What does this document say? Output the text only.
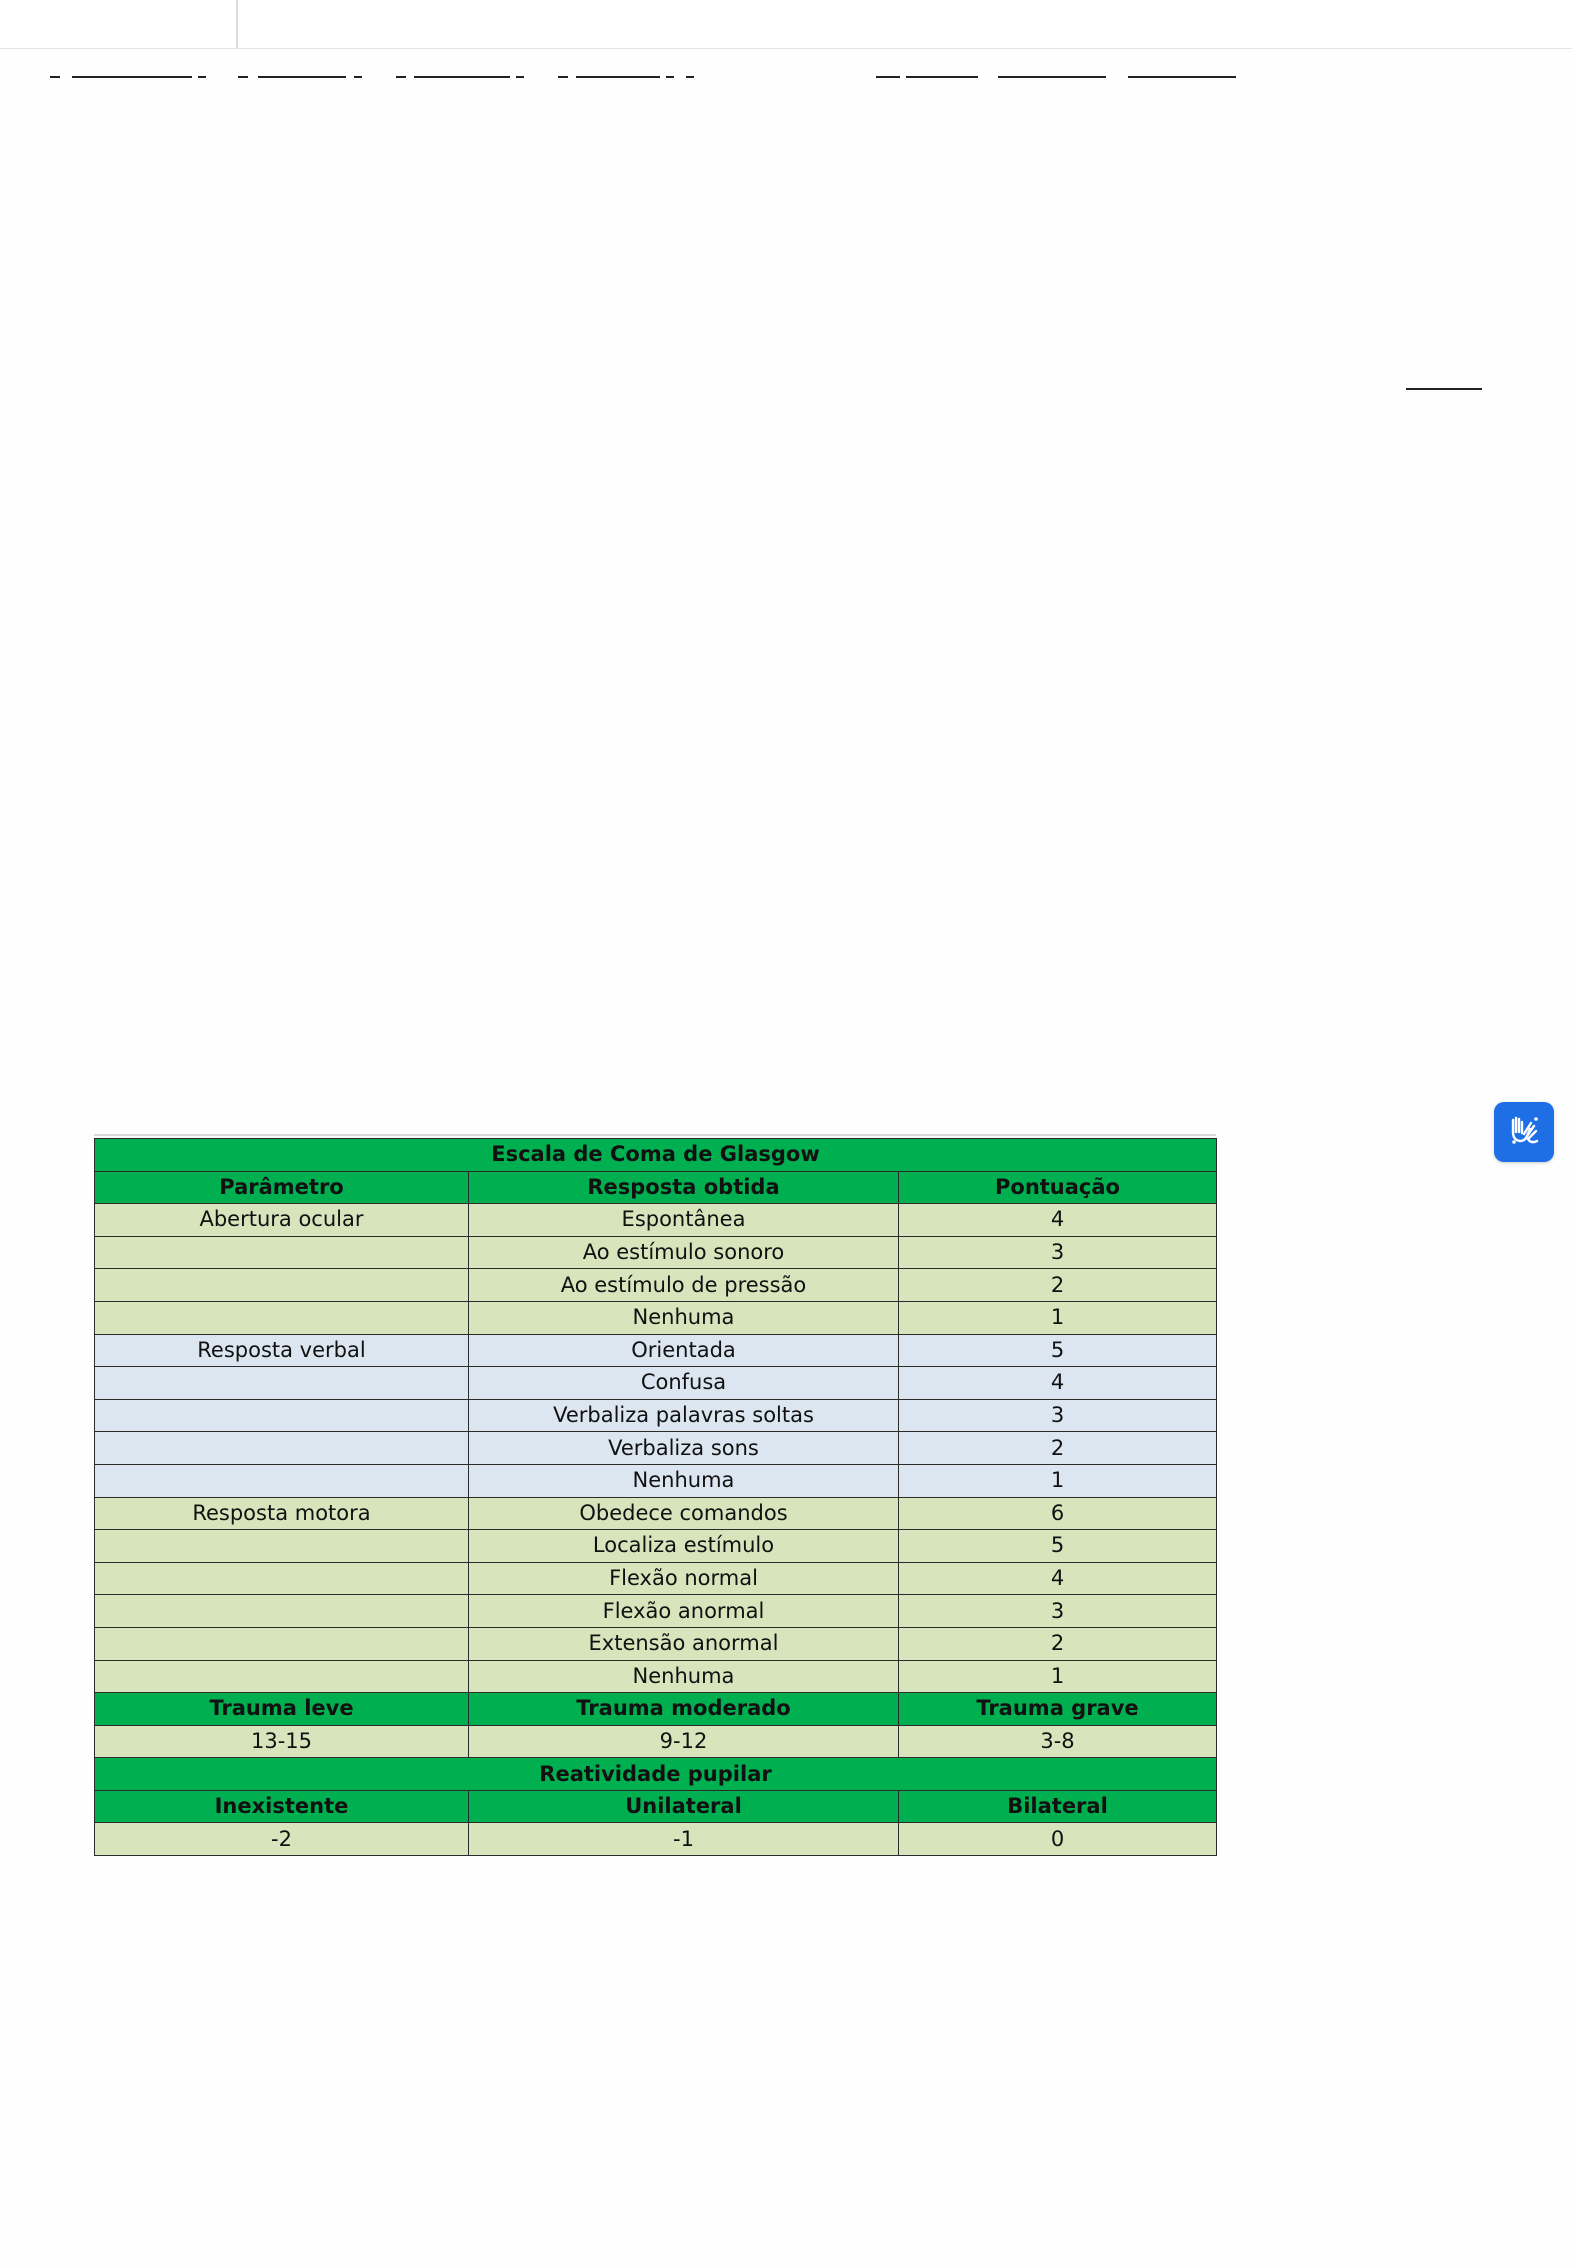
Escala de Coma de Glasgow		
Parâmetro	Resposta obtida	Pontuação
Abertura ocular	Espontânea	4
	Ao estímulo sonoro	3
	Ao estímulo de pressão	2
	Nenhuma	1
Resposta verbal	Orientada	5
	Confusa	4
	Verbaliza palavras soltas	3
	Verbaliza sons	2
	Nenhuma	1
Resposta motora	Obedece comandos	6
	Localiza estímulo	5
	Flexão normal	4
	Flexão anormal	3
	Extensão anormal	2
	Nenhuma	1
Trauma leve	Trauma moderado	Trauma grave
13-15	9-12	3-8
Reatividade pupilar		
Inexistente	Unilateral	Bilateral
-2	-1	0
